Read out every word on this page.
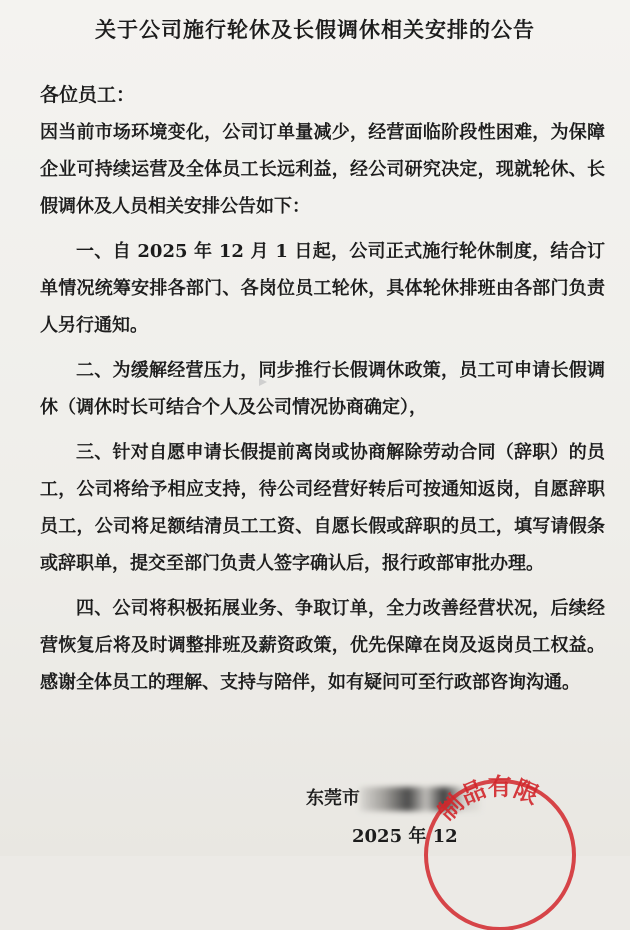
关于公司施行轮休及长假调休相关安排的公告
各位员工：

因当前市场环境变化，公司订单量减少，经营面临阶段性困难，为保障企业可持续运营及全体员工长远利益，经公司研究决定，现就轮休、长假调休及人员相关安排公告如下：

一、自 2025 年 12 月 1 日起，公司正式施行轮休制度，结合订单情况统筹安排各部门、各岗位员工轮休，具体轮休排班由各部门负责人另行通知。

二、为缓解经营压力，同步推行长假调休政策，员工可申请长假调休（调休时长可结合个人及公司情况协商确定），

三、针对自愿申请长假提前离岗或协商解除劳动合同（辞职）的员工，公司将给予相应支持，待公司经营好转后可按通知返岗，自愿辞职员工，公司将足额结清员工工资、自愿长假或辞职的员工，填写请假条或辞职单，提交至部门负责人签字确认后，报行政部审批办理。

四、公司将积极拓展业务、争取订单，全力改善经营状况，后续经营恢复后将及时调整排班及薪资政策，优先保障在岗及返岗员工权益。感谢全体员工的理解、支持与陪伴，如有疑问可至行政部咨询沟通。

东莞市
2025 年 12
制品有限
